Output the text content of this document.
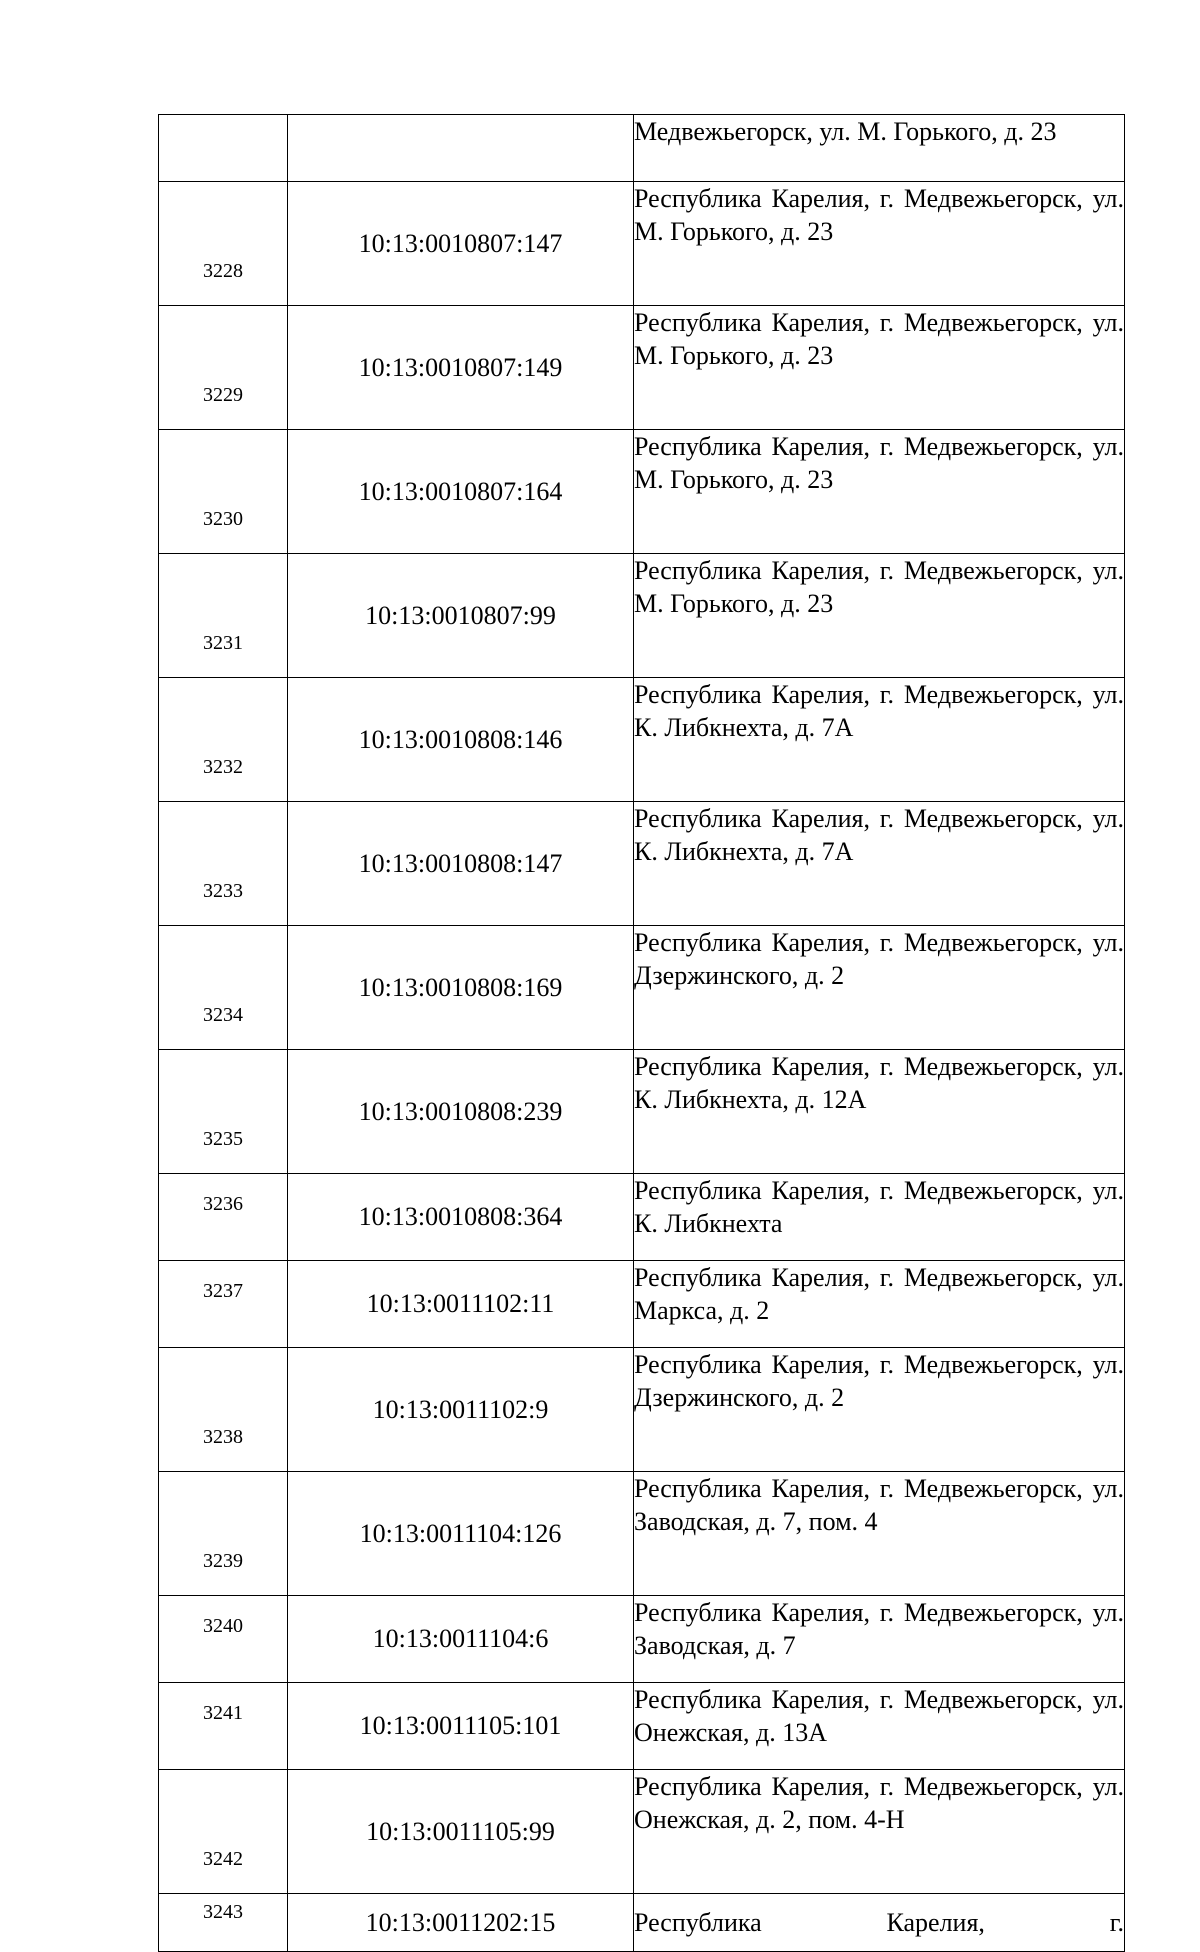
		Медвежьегорск, ул. М. Горького, д. 23
3228	10:13:0010807:147	Республика Карелия, г. Медвежьегорск, ул. М. Горького, д. 23
3229	10:13:0010807:149	Республика Карелия, г. Медвежьегорск, ул. М. Горького, д. 23
3230	10:13:0010807:164	Республика Карелия, г. Медвежьегорск, ул. М. Горького, д. 23
3231	10:13:0010807:99	Республика Карелия, г. Медвежьегорск, ул. М. Горького, д. 23
3232	10:13:0010808:146	Республика Карелия, г. Медвежьегорск, ул. К. Либкнехта, д. 7А
3233	10:13:0010808:147	Республика Карелия, г. Медвежьегорск, ул. К. Либкнехта, д. 7А
3234	10:13:0010808:169	Республика Карелия, г. Медвежьегорск, ул. Дзержинского, д. 2
3235	10:13:0010808:239	Республика Карелия, г. Медвежьегорск, ул. К. Либкнехта, д. 12А
3236	10:13:0010808:364	Республика Карелия, г. Медвежьегорск, ул. К. Либкнехта
3237	10:13:0011102:11	Республика Карелия, г. Медвежьегорск, ул. Маркса, д. 2
3238	10:13:0011102:9	Республика Карелия, г. Медвежьегорск, ул. Дзержинского, д. 2
3239	10:13:0011104:126	Республика Карелия, г. Медвежьегорск, ул. Заводская, д. 7, пом. 4
3240	10:13:0011104:6	Республика Карелия, г. Медвежьегорск, ул. Заводская, д. 7
3241	10:13:0011105:101	Республика Карелия, г. Медвежьегорск, ул. Онежская, д. 13А
3242	10:13:0011105:99	Республика Карелия, г. Медвежьегорск, ул. Онежская, д. 2, пом. 4-Н
3243	10:13:0011202:15	Республика Карелия, г.
